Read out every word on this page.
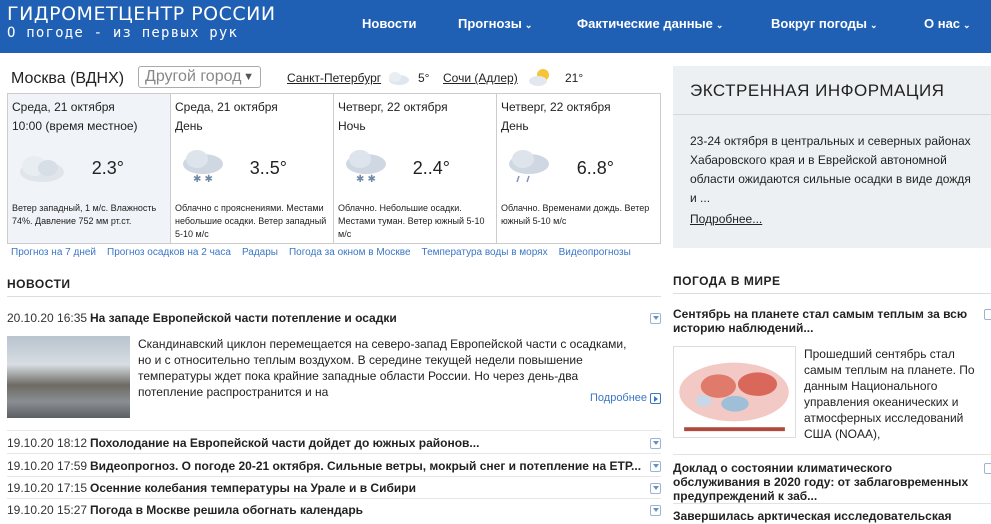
ГИДРОМЕТЦЕНТР РОССИИ
О погоде - из первых рук
Новости	Прогнозы ⌄	Фактические данные ⌄	Вокруг погоды ⌄	О нас ⌄
Москва (ВДНХ)	Другой город ▼	Санкт-Петербург	5° Сочи (Адлер)	21°
Среда, 21 октября
10:00 (время местное)
2.3°
Ветер западный, 1 м/с. Влажность 74%. Давление 752 мм рт.ст.
Среда, 21 октября
День
✱ ✱
3..5°
Облачно с прояснениями. Местами небольшие осадки. Ветер западный 5-10 м/с
Четверг, 22 октября
Ночь
✱ ✱
2..4°
Облачно. Небольшие осадки. Местами туман. Ветер южный 5-10 м/с
Четверг, 22 октября
День
6..8°
Облачно. Временами дождь. Ветер южный 5-10 м/с
Прогноз на 7 дней Прогноз осадков на 2 часа Радары Погода за окном в Москве Температура воды в морях Видеопрогнозы
НОВОСТИ
20.10.20 16:35 На западе Европейской части потепление и осадки
Скандинавский циклон перемещается на северо-запад Европейской части с осадками, но и с относительно теплым воздухом. В середине текущей недели повышение температуры ждет пока крайние западные области России. Но через день-два потепление распространится и на	Подробнее
19.10.20 18:12 Похолодание на Европейской части дойдет до южных районов...
19.10.20 17:59 Видеопрогноз. О погоде 20-21 октября. Сильные ветры, мокрый снег и потепление на ЕТР...
19.10.20 17:15 Осенние колебания температуры на Урале и в Сибири
19.10.20 15:27 Погода в Москве решила обогнать календарь
ЭКСТРЕННАЯ ИНФОРМАЦИЯ
23-24 октября в центральных и северных районах Хабаровского края и в Еврейской автономной области ожидаются сильные осадки в виде дождя и ...
Подробнее...
ПОГОДА В МИРЕ
Сентябрь на планете стал самым теплым за всю историю наблюдений...
Прошедший сентябрь стал самым теплым на планете. По данным Национального управления океанических и атмосферных исследований США (NOAA),
Доклад о состоянии климатического обслуживания в 2020 году: от заблаговременных предупреждений к заб...
Завершилась арктическая исследовательская
